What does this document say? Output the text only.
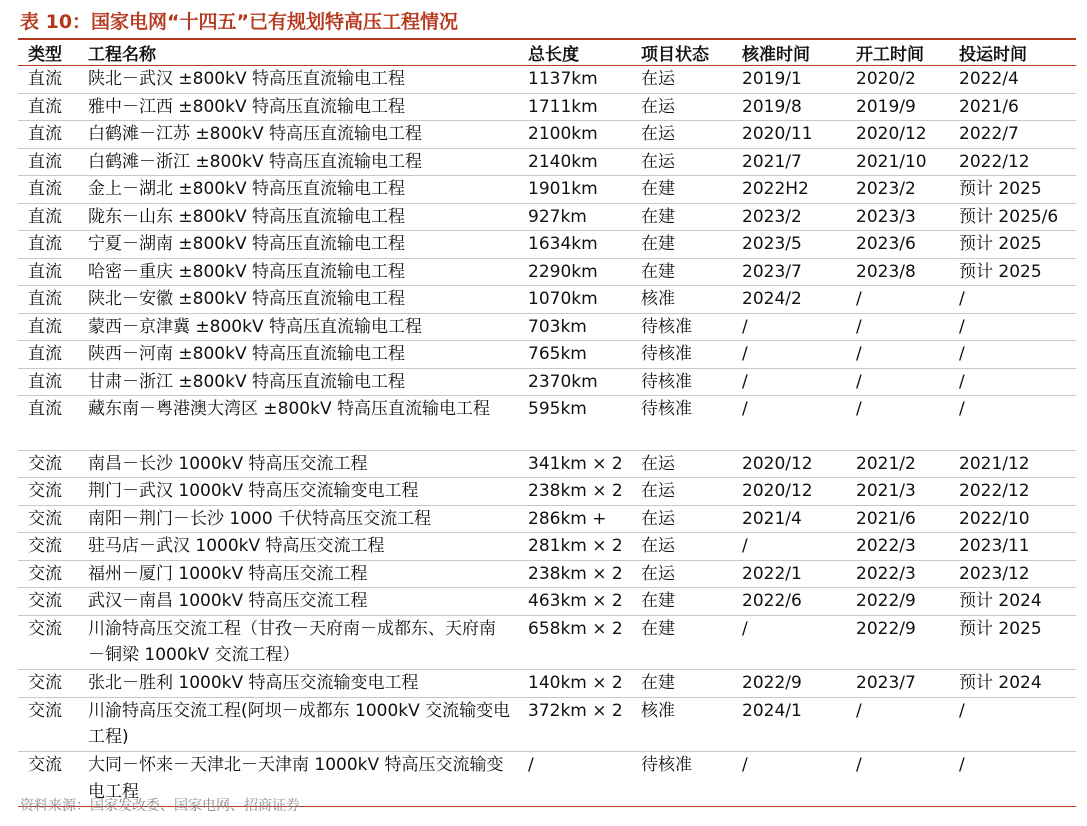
表 10：国家电网“十四五”已有规划特高压工程情况
类型	工程名称	总长度	项目状态	核准时间	开工时间	投运时间
直流	陕北－武汉 ±800kV 特高压直流输电工程	1137km	在运	2019/1	2020/2	2022/4
直流	雅中－江西 ±800kV 特高压直流输电工程	1711km	在运	2019/8	2019/9	2021/6
直流	白鹤滩－江苏 ±800kV 特高压直流输电工程	2100km	在运	2020/11	2020/12	2022/7
直流	白鹤滩－浙江 ±800kV 特高压直流输电工程	2140km	在运	2021/7	2021/10	2022/12
直流	金上－湖北 ±800kV 特高压直流输电工程	1901km	在建	2022H2	2023/2	预计 2025
直流	陇东－山东 ±800kV 特高压直流输电工程	927km	在建	2023/2	2023/3	预计 2025/6
直流	宁夏－湖南 ±800kV 特高压直流输电工程	1634km	在建	2023/5	2023/6	预计 2025
直流	哈密－重庆 ±800kV 特高压直流输电工程	2290km	在建	2023/7	2023/8	预计 2025
直流	陕北－安徽 ±800kV 特高压直流输电工程	1070km	核准	2024/2	/	/
直流	蒙西－京津冀 ±800kV 特高压直流输电工程	703km	待核准	/	/	/
直流	陕西－河南 ±800kV 特高压直流输电工程	765km	待核准	/	/	/
直流	甘肃－浙江 ±800kV 特高压直流输电工程	2370km	待核准	/	/	/
直流	藏东南－粤港澳大湾区 ±800kV 特高压直流输电工程	595km	待核准	/	/	/
交流	南昌－长沙 1000kV 特高压交流工程	341km × 2	在运	2020/12	2021/2	2021/12
交流	荆门－武汉 1000kV 特高压交流输变电工程	238km × 2	在运	2020/12	2021/3	2022/12
交流	南阳－荆门－长沙 1000 千伏特高压交流工程	286km +	在运	2021/4	2021/6	2022/10
交流	驻马店－武汉 1000kV 特高压交流工程	281km × 2	在运	/	2022/3	2023/11
交流	福州－厦门 1000kV 特高压交流工程	238km × 2	在运	2022/1	2022/3	2023/12
交流	武汉－南昌 1000kV 特高压交流工程	463km × 2	在建	2022/6	2022/9	预计 2024
交流	川渝特高压交流工程（甘孜－天府南－成都东、天府南－铜梁 1000kV 交流工程）	658km × 2	在建	/	2022/9	预计 2025
交流	张北－胜利 1000kV 特高压交流输变电工程	140km × 2	在建	2022/9	2023/7	预计 2024
交流	川渝特高压交流工程(阿坝－成都东 1000kV 交流输变电工程)	372km × 2	核准	2024/1	/	/
交流	大同－怀来－天津北－天津南 1000kV 特高压交流输变电工程	/	待核准	/	/	/
资料来源：国家发改委、国家电网、招商证券
